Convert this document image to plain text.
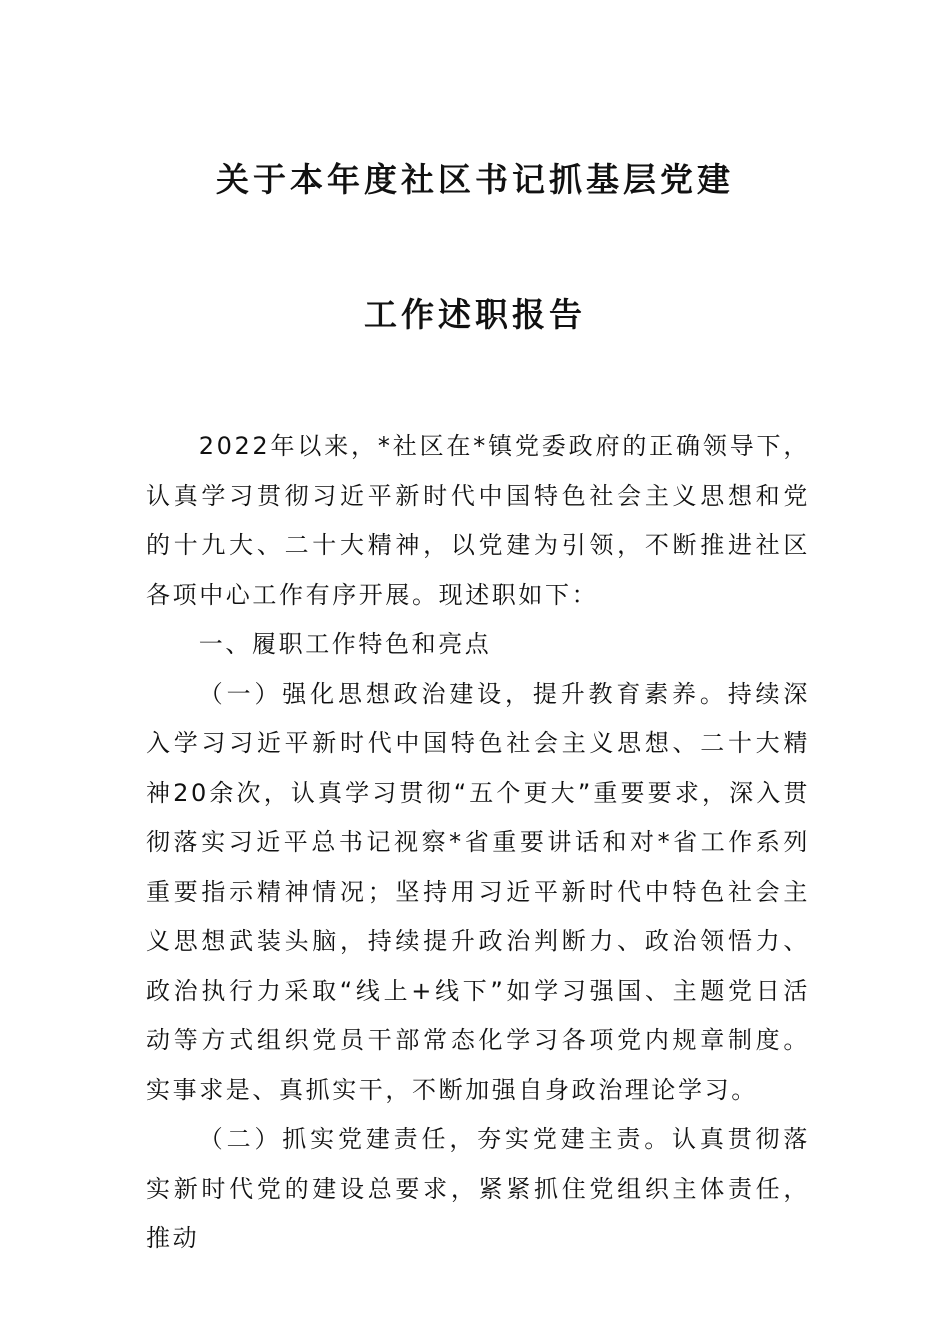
关于本年度社区书记抓基层党建
工作述职报告

2022年以来，*社区在*镇党委政府的正确领导下，认真学习贯彻习近平新时代中国特色社会主义思想和党的十九大、二十大精神，以党建为引领，不断推进社区各项中心工作有序开展。现述职如下：

一、履职工作特色和亮点

（一）强化思想政治建设，提升教育素养。持续深入学习习近平新时代中国特色社会主义思想、二十大精神20余次，认真学习贯彻“五个更大”重要要求，深入贯彻落实习近平总书记视察*省重要讲话和对*省工作系列重要指示精神情况；坚持用习近平新时代中特色社会主义思想武装头脑，持续提升政治判断力、政治领悟力、政治执行力采取“线上+线下”如学习强国、主题党日活动等方式组织党员干部常态化学习各项党内规章制度。实事求是、真抓实干，不断加强自身政治理论学习。

（二）抓实党建责任，夯实党建主责。认真贯彻落实新时代党的建设总要求，紧紧抓住党组织主体责任，推动
